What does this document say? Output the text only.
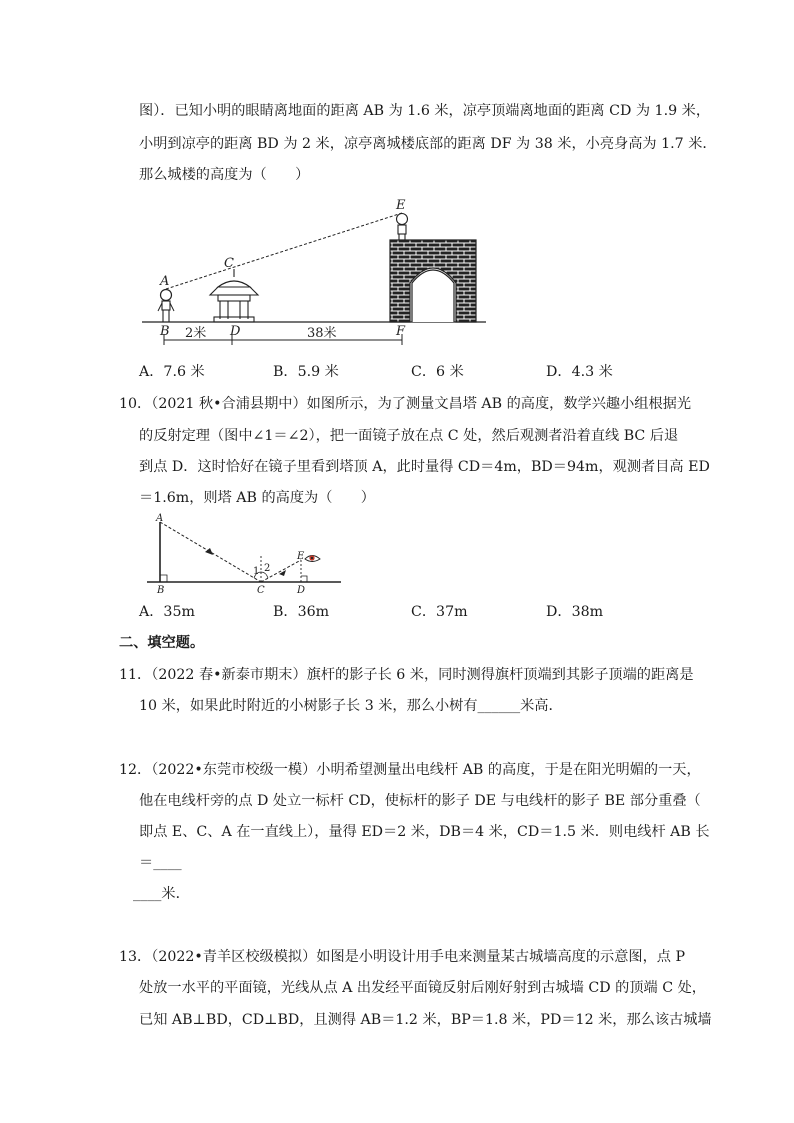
图）．已知小明的眼睛离地面的距离 AB 为 1.6 米，凉亭顶端离地面的距离 CD 为 1.9 米，
小明到凉亭的距离 BD 为 2 米，凉亭离城楼底部的距离 DF 为 38 米，小亮身高为 1.7 米．
那么城楼的高度为（　　）
2米	38米
A
B
C
D
E
F
A．7.6 米	B．5.9 米	C．6 米	D．4.3 米
10．（2021 秋•合浦县期中）如图所示，为了测量文昌塔 AB 的高度，数学兴趣小组根据光
的反射定理（图中∠1＝∠2），把一面镜子放在点 C 处，然后观测者沿着直线 BC 后退
到点 D．这时恰好在镜子里看到塔顶 A，此时量得 CD＝4m，BD＝94m，观测者目高 ED
＝1.6m，则塔 AB 的高度为（　　）
A
B	C	D
E
1 2
A．35m	B．36m	C．37m	D．38m
二、填空题。
11．（2022 春•新泰市期末）旗杆的影子长 6 米，同时测得旗杆顶端到其影子顶端的距离是
10 米，如果此时附近的小树影子长 3 米，那么小树有______米高．
12．（2022•东莞市校级一模）小明希望测量出电线杆 AB 的高度，于是在阳光明媚的一天，
他在电线杆旁的点 D 处立一标杆 CD，使标杆的影子 DE 与电线杆的影子 BE 部分重叠（
即点 E、C、A 在一直线上），量得 ED＝2 米，DB＝4 米，CD＝1.5 米．则电线杆 AB 长
＝____
____米．
13．（2022•青羊区校级模拟）如图是小明设计用手电来测量某古城墙高度的示意图，点 P
处放一水平的平面镜，光线从点 A 出发经平面镜反射后刚好射到古城墙 CD 的顶端 C 处，
已知 AB⊥BD，CD⊥BD，且测得 AB＝1.2 米，BP＝1.8 米，PD＝12 米，那么该古城墙
